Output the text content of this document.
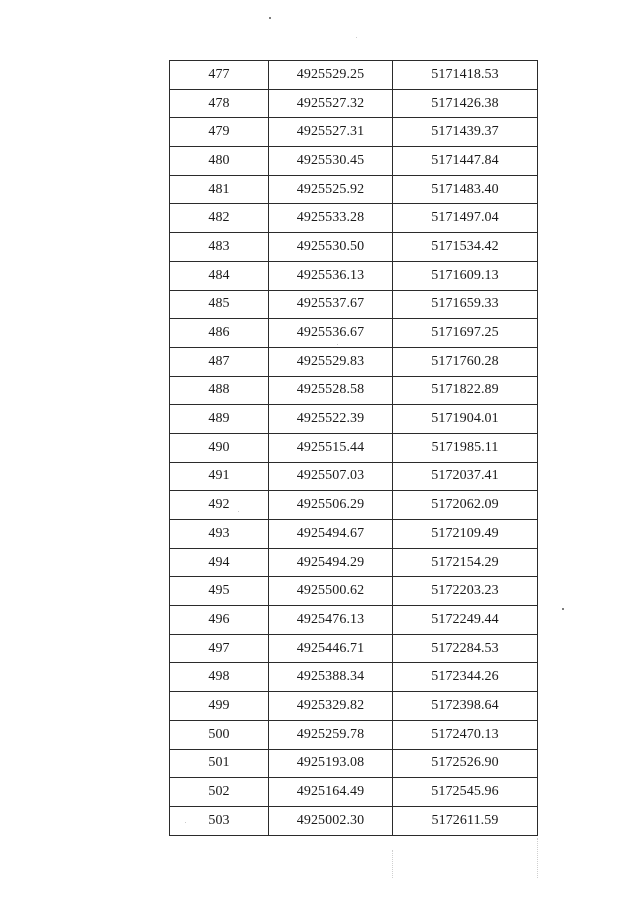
477	4925529.25	5171418.53
478	4925527.32	5171426.38
479	4925527.31	5171439.37
480	4925530.45	5171447.84
481	4925525.92	5171483.40
482	4925533.28	5171497.04
483	4925530.50	5171534.42
484	4925536.13	5171609.13
485	4925537.67	5171659.33
486	4925536.67	5171697.25
487	4925529.83	5171760.28
488	4925528.58	5171822.89
489	4925522.39	5171904.01
490	4925515.44	5171985.11
491	4925507.03	5172037.41
492	4925506.29	5172062.09
493	4925494.67	5172109.49
494	4925494.29	5172154.29
495	4925500.62	5172203.23
496	4925476.13	5172249.44
497	4925446.71	5172284.53
498	4925388.34	5172344.26
499	4925329.82	5172398.64
500	4925259.78	5172470.13
501	4925193.08	5172526.90
502	4925164.49	5172545.96
503	4925002.30	5172611.59
